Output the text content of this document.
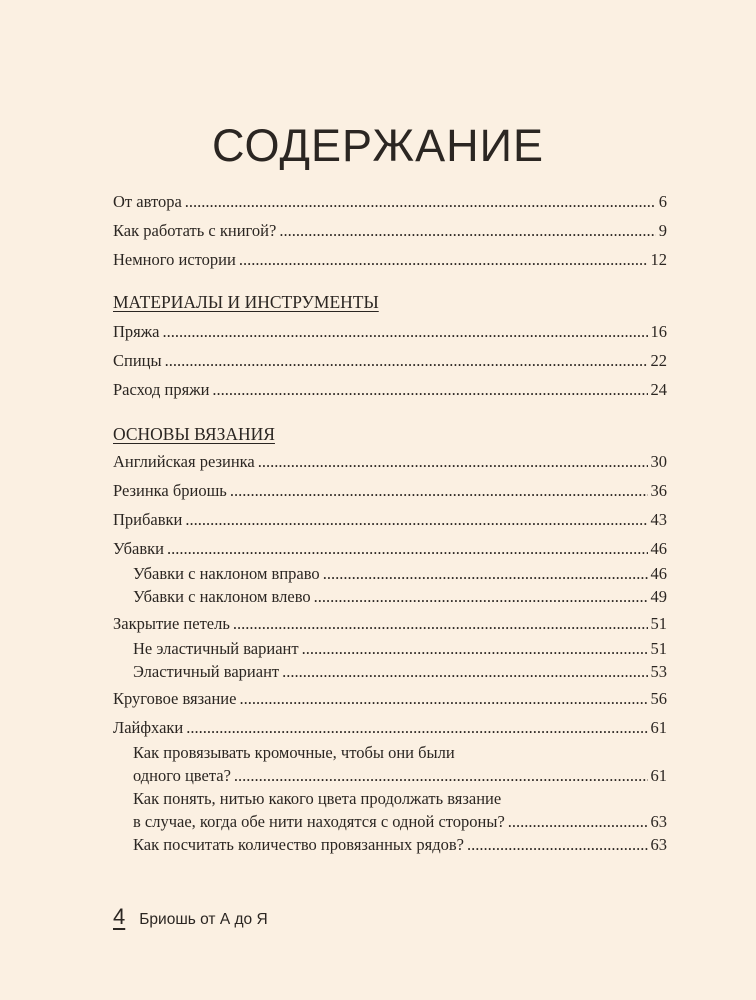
СОДЕРЖАНИЕ
От автора .....	6
Как работать с книгой? .....	9
Немного истории .....	12
МАТЕРИАЛЫ И ИНСТРУМЕНТЫ
Пряжа .....	16
Спицы .....	22
Расход пряжи .....	24
ОСНОВЫ ВЯЗАНИЯ
Английская резинка .....	30
Резинка бриошь .....	36
Прибавки .....	43
Убавки .....	46
Убавки с наклоном вправо .....	46
Убавки с наклоном влево .....	49
Закрытие петель .....	51
Не эластичный вариант .....	51
Эластичный вариант .....	53
Круговое вязание .....	56
Лайфхаки .....	61
Как провязывать кромочные, чтобы они были
одного цвета? .....	61
Как понять, нитью какого цвета продолжать вязание
в случае, когда обе нити находятся с одной стороны? .....	63
Как посчитать количество провязанных рядов? .....	63
4 Бриошь от А до Я
